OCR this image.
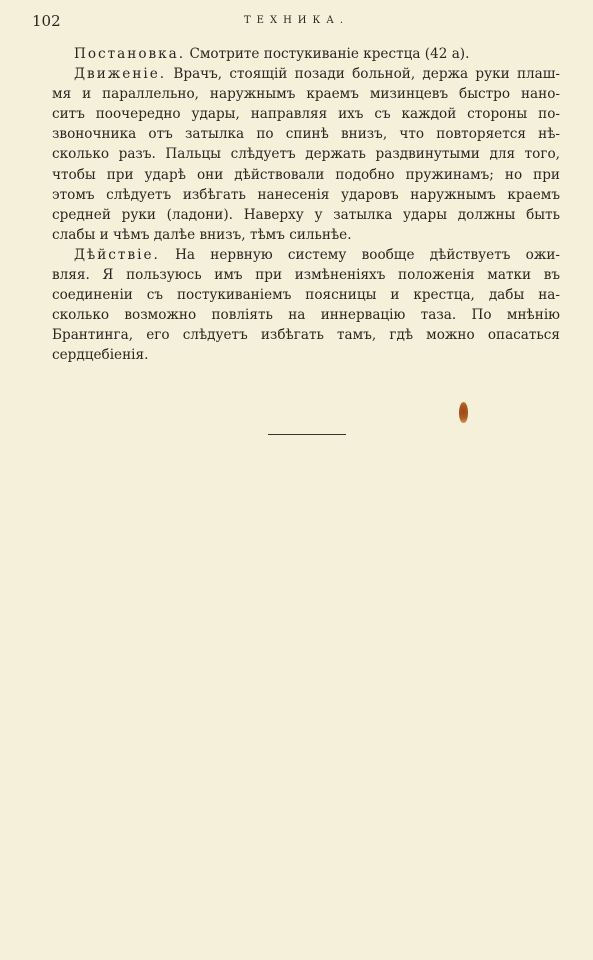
102	ТЕХНИКА.

Постановка. Смотрите постукиванiе крестца (42 а).

Движенiе. Врачъ, стоящiй позади больной, держа руки плаш-
мя и параллельно, наружнымъ краемъ мизинцевъ быстро нано-
ситъ поочередно удары, направляя ихъ съ каждой стороны по-
звоночника отъ затылка по спинѣ внизъ, что повторяется нѣ-
сколько разъ. Пальцы слѣдуетъ держать раздвинутыми для того,
чтобы при ударѣ они дѣйствовали подобно пружинамъ; но при
этомъ слѣдуетъ избѣгать нанесенiя ударовъ наружнымъ краемъ
средней руки (ладони). Наверху у затылка удары должны быть
слабы и чѣмъ далѣе внизъ, тѣмъ сильнѣе.

Дѣйствiе. На нервную систему вообще дѣйствуетъ ожи-
вляя. Я пользуюсь имъ при измѣненiяхъ положенiя матки въ
соединенiи съ постукиванiемъ поясницы и крестца, дабы на-
сколько возможно повлiять на иннервацiю таза. По мнѣнiю
Брантинга, его слѣдуетъ избѣгать тамъ, гдѣ можно опасаться
сердцебiенiя.
